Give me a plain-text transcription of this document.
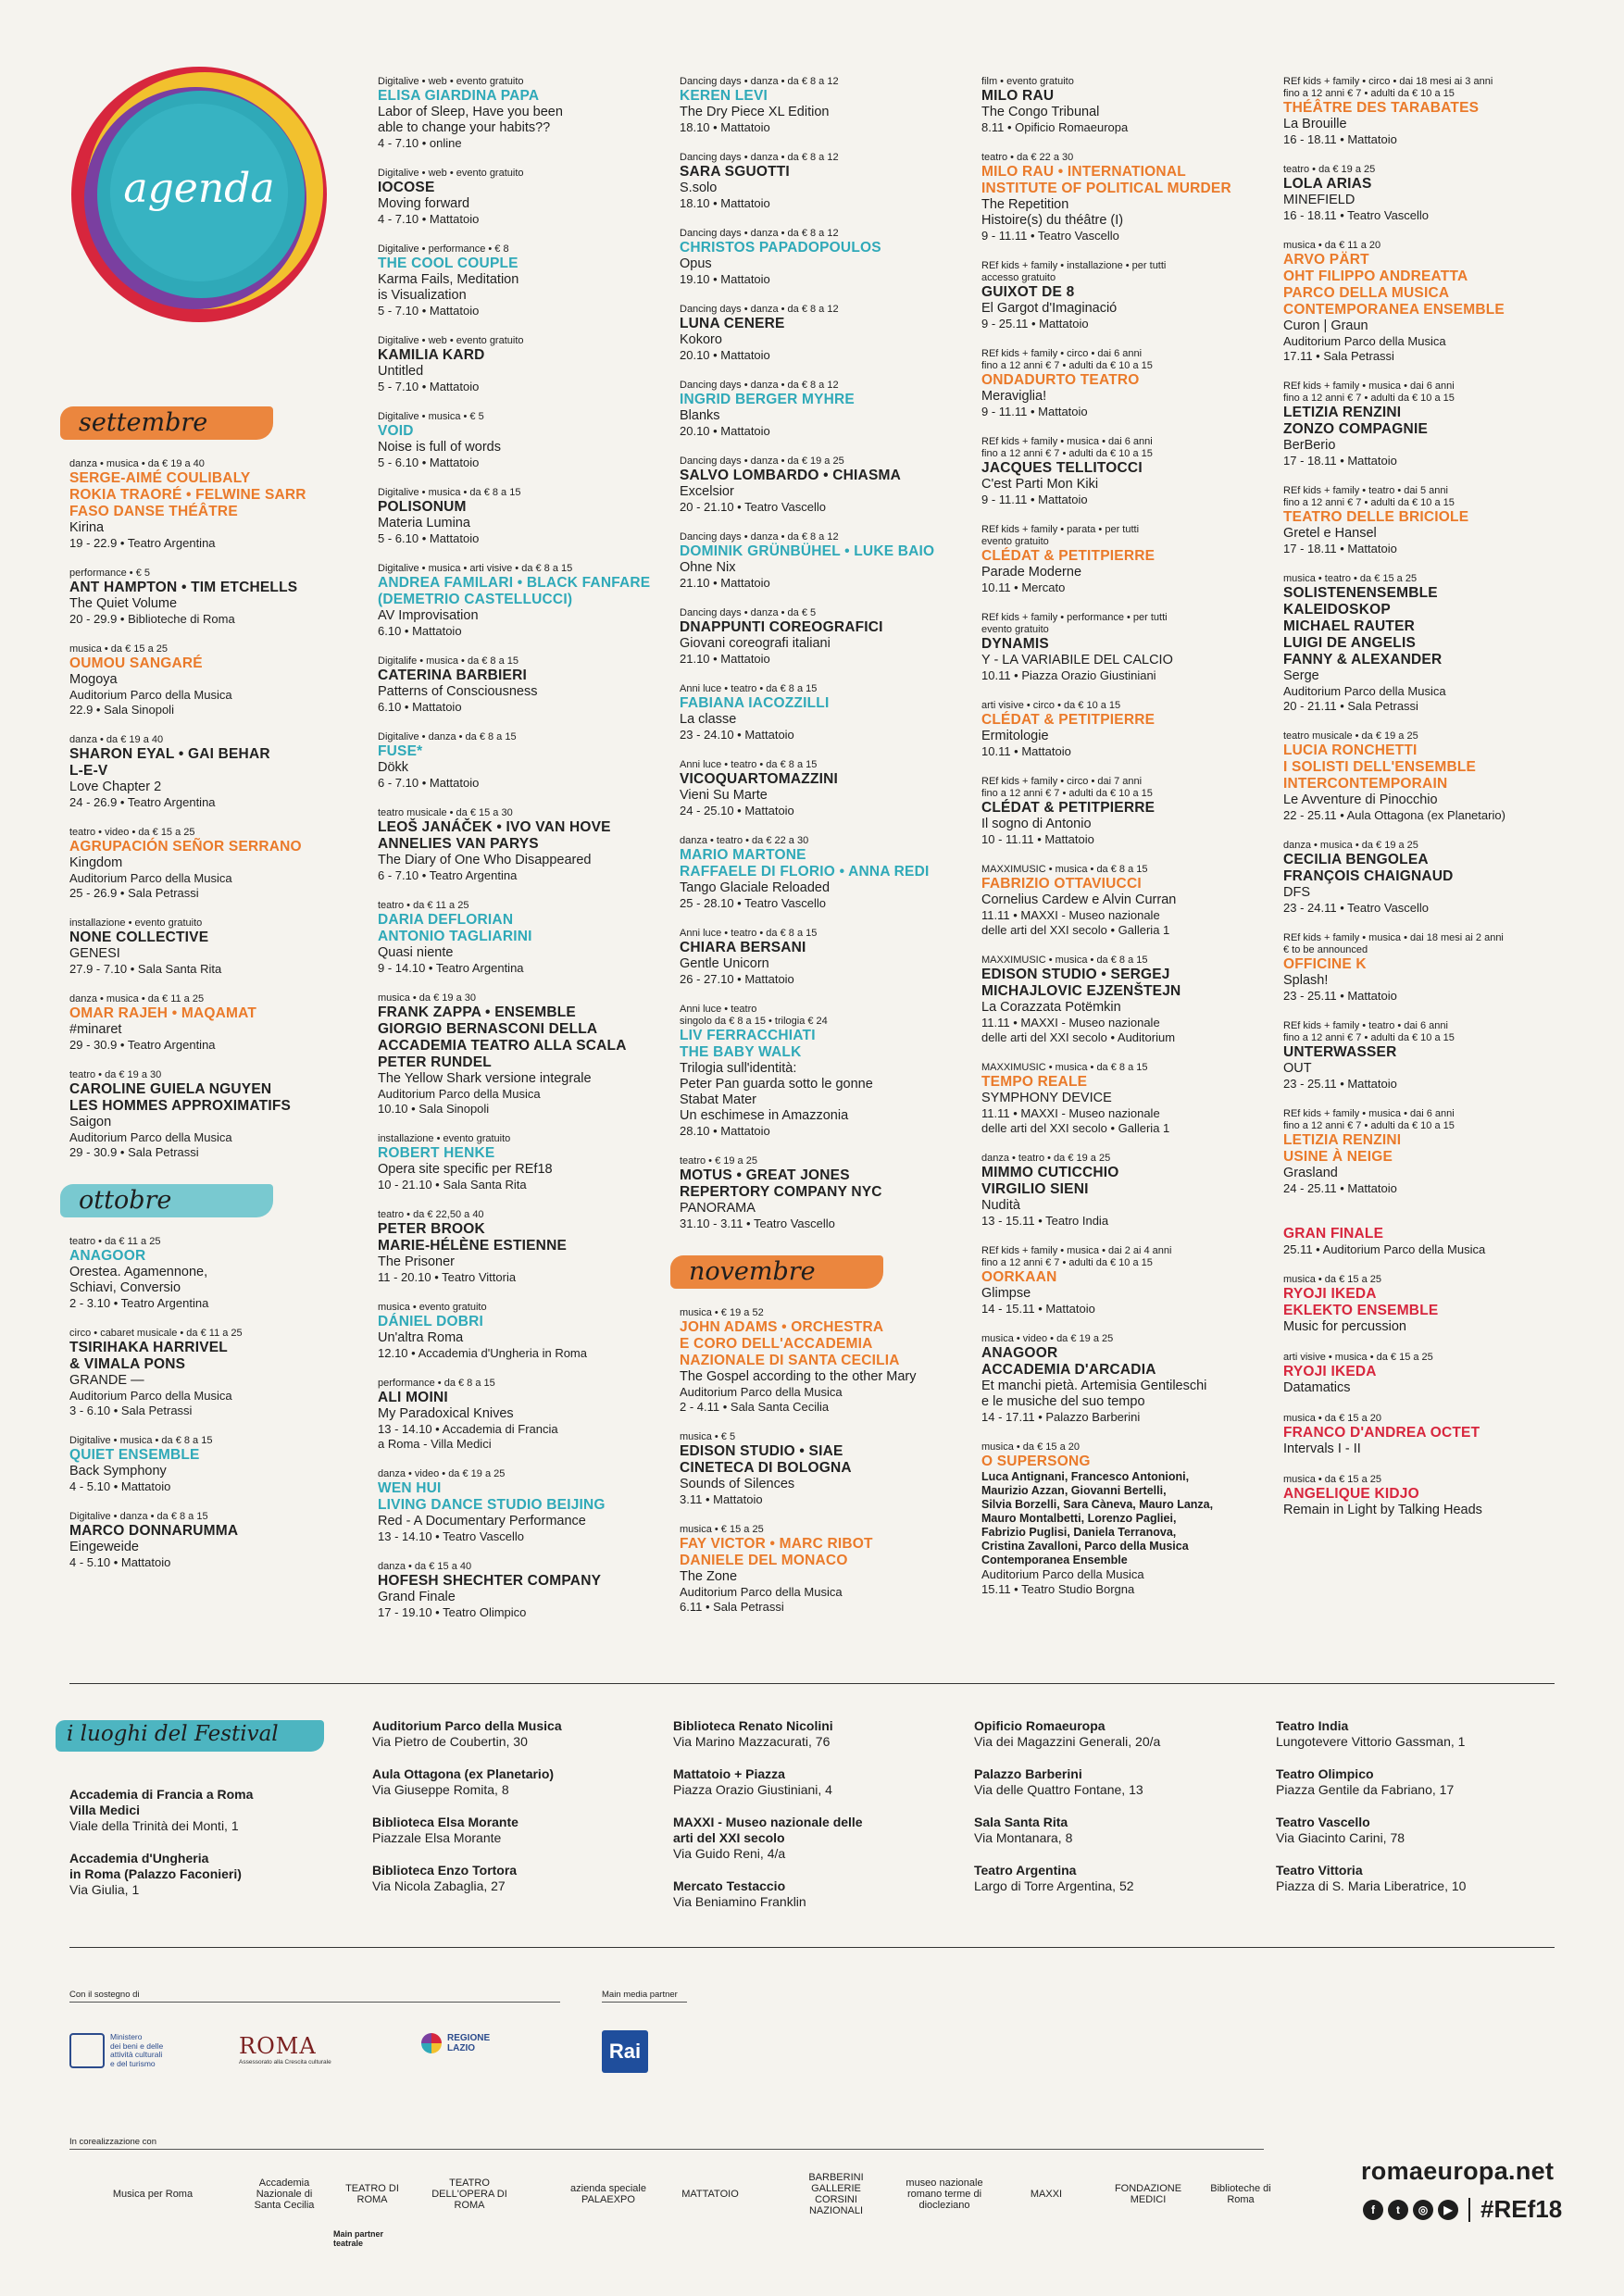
agenda
settembre
danza • musica • da € 19 a 40
SERGE-AIMÉ COULIBALY
ROKIA TRAORÉ • FELWINE SARR
FASO DANSE THÉÂTRE
Kirina
19 - 22.9 • Teatro Argentina
performance • € 5
ANT HAMPTON • TIM ETCHELLS
The Quiet Volume
20 - 29.9 • Biblioteche di Roma
musica • da € 15 a 25
OUMOU SANGARÉ
Mogoya
Auditorium Parco della Musica
22.9 • Sala Sinopoli
danza • da € 19 a 40
SHARON EYAL • GAI BEHAR
L-E-V
Love Chapter 2
24 - 26.9 • Teatro Argentina
teatro • video • da € 15 a 25
AGRUPACIÓN SEÑOR SERRANO
Kingdom
Auditorium Parco della Musica
25 - 26.9 • Sala Petrassi
installazione • evento gratuito
NONE COLLECTIVE
GENESI
27.9 - 7.10 • Sala Santa Rita
danza • musica • da € 11 a 25
OMAR RAJEH • MAQAMAT
#minaret
29 - 30.9 • Teatro Argentina
teatro • da € 19 a 30
CAROLINE GUIELA NGUYEN
LES HOMMES APPROXIMATIFS
Saigon
Auditorium Parco della Musica
29 - 30.9 • Sala Petrassi
ottobre
teatro • da € 11 a 25
ANAGOOR
Orestea. Agamennone,
Schiavi, Conversio
2 - 3.10 • Teatro Argentina
circo • cabaret musicale • da € 11 a 25
TSIRIHAKA HARRIVEL
& VIMALA PONS
GRANDE —
Auditorium Parco della Musica
3 - 6.10 • Sala Petrassi
Digitalive • musica • da € 8 a 15
QUIET ENSEMBLE
Back Symphony
4 - 5.10 • Mattatoio
Digitalive • danza • da € 8 a 15
MARCO DONNARUMMA
Eingeweide
4 - 5.10 • Mattatoio
Digitalive • web • evento gratuito
ELISA GIARDINA PAPA
Labor of Sleep, Have you been
able to change your habits??
4 - 7.10 • online
Digitalive • web • evento gratuito
IOCOSE
Moving forward
4 - 7.10 • Mattatoio
Digitalive • performance • € 8
THE COOL COUPLE
Karma Fails, Meditation
is Visualization
5 - 7.10 • Mattatoio
Digitalive • web • evento gratuito
KAMILIA KARD
Untitled
5 - 7.10 • Mattatoio
Digitalive • musica • € 5
VOID
Noise is full of words
5 - 6.10 • Mattatoio
Digitalive • musica • da € 8 a 15
POLISONUM
Materia Lumina
5 - 6.10 • Mattatoio
Digitalive • musica • arti visive • da € 8 a 15
ANDREA FAMILARI • BLACK FANFARE
(DEMETRIO CASTELLUCCI)
AV Improvisation
6.10 • Mattatoio
Digitalife • musica • da € 8 a 15
CATERINA BARBIERI
Patterns of Consciousness
6.10 • Mattatoio
Digitalive • danza • da € 8 a 15
FUSE*
Dökk
6 - 7.10 • Mattatoio
teatro musicale • da € 15 a 30
LEOŠ JANÁČEK • IVO VAN HOVE
ANNELIES VAN PARYS
The Diary of One Who Disappeared
6 - 7.10 • Teatro Argentina
teatro • da € 11 a 25
DARIA DEFLORIAN
ANTONIO TAGLIARINI
Quasi niente
9 - 14.10 • Teatro Argentina
musica • da € 19 a 30
FRANK ZAPPA • ENSEMBLE
GIORGIO BERNASCONI DELLA
ACCADEMIA TEATRO ALLA SCALA
PETER RUNDEL
The Yellow Shark versione integrale
Auditorium Parco della Musica
10.10 • Sala Sinopoli
installazione • evento gratuito
ROBERT HENKE
Opera site specific per REf18
10 - 21.10 • Sala Santa Rita
teatro • da € 22,50 a 40
PETER BROOK
MARIE-HÉLÈNE ESTIENNE
The Prisoner
11 - 20.10 • Teatro Vittoria
musica • evento gratuito
DÁNIEL DOBRI
Un'altra Roma
12.10 • Accademia d'Ungheria in Roma
performance • da € 8 a 15
ALI MOINI
My Paradoxical Knives
13 - 14.10 • Accademia di Francia
a Roma - Villa Medici
danza • video • da € 19 a 25
WEN HUI
LIVING DANCE STUDIO BEIJING
Red - A Documentary Performance
13 - 14.10 • Teatro Vascello
danza • da € 15 a 40
HOFESH SHECHTER COMPANY
Grand Finale
17 - 19.10 • Teatro Olimpico
Dancing days • danza • da € 8 a 12
KEREN LEVI
The Dry Piece XL Edition
18.10 • Mattatoio
Dancing days • danza • da € 8 a 12
SARA SGUOTTI
S.solo
18.10 • Mattatoio
Dancing days • danza • da € 8 a 12
CHRISTOS PAPADOPOULOS
Opus
19.10 • Mattatoio
Dancing days • danza • da € 8 a 12
LUNA CENERE
Kokoro
20.10 • Mattatoio
Dancing days • danza • da € 8 a 12
INGRID BERGER MYHRE
Blanks
20.10 • Mattatoio
Dancing days • danza • da € 19 a 25
SALVO LOMBARDO • CHIASMA
Excelsior
20 - 21.10 • Teatro Vascello
Dancing days • danza • da € 8 a 12
DOMINIK GRÜNBÜHEL • LUKE BAIO
Ohne Nix
21.10 • Mattatoio
Dancing days • danza • da € 5
DNAPPUNTI COREOGRAFICI
Giovani coreografi italiani
21.10 • Mattatoio
Anni luce • teatro • da € 8 a 15
FABIANA IACOZZILLI
La classe
23 - 24.10 • Mattatoio
Anni luce • teatro • da € 8 a 15
VICOQUARTOMAZZINI
Vieni Su Marte
24 - 25.10 • Mattatoio
danza • teatro • da € 22 a 30
MARIO MARTONE
RAFFAELE DI FLORIO • ANNA REDI
Tango Glaciale Reloaded
25 - 28.10 • Teatro Vascello
Anni luce • teatro • da € 8 a 15
CHIARA BERSANI
Gentle Unicorn
26 - 27.10 • Mattatoio
Anni luce • teatro
singolo da € 8 a 15 • trilogia € 24
LIV FERRACCHIATI
THE BABY WALK
Trilogia sull'identità:
Peter Pan guarda sotto le gonne
Stabat Mater
Un eschimese in Amazzonia
28.10 • Mattatoio
teatro • € 19 a 25
MOTUS • GREAT JONES
REPERTORY COMPANY NYC
PANORAMA
31.10 - 3.11 • Teatro Vascello
novembre
musica • € 19 a 52
JOHN ADAMS • ORCHESTRA
E CORO DELL'ACCADEMIA
NAZIONALE DI SANTA CECILIA
The Gospel according to the other Mary
Auditorium Parco della Musica
2 - 4.11 • Sala Santa Cecilia
musica • € 5
EDISON STUDIO • SIAE
CINETECA DI BOLOGNA
Sounds of Silences
3.11 • Mattatoio
musica • € 15 a 25
FAY VICTOR • MARC RIBOT
DANIELE DEL MONACO
The Zone
Auditorium Parco della Musica
6.11 • Sala Petrassi
film • evento gratuito
MILO RAU
The Congo Tribunal
8.11 • Opificio Romaeuropa
teatro • da € 22 a 30
MILO RAU • INTERNATIONAL
INSTITUTE OF POLITICAL MURDER
The Repetition
Histoire(s) du théâtre (I)
9 - 11.11 • Teatro Vascello
REf kids + family • installazione • per tutti
accesso gratuito
GUIXOT DE 8
El Gargot d'Imaginació
9 - 25.11 • Mattatoio
REf kids + family • circo • dai 6 anni
fino a 12 anni € 7 • adulti da € 10 a 15
ONDADURTO TEATRO
Meraviglia!
9 - 11.11 • Mattatoio
REf kids + family • musica • dai 6 anni
fino a 12 anni € 7 • adulti da € 10 a 15
JACQUES TELLITOCCI
C'est Parti Mon Kiki
9 - 11.11 • Mattatoio
REf kids + family • parata • per tutti
evento gratuito
CLÉDAT & PETITPIERRE
Parade Moderne
10.11 • Mercato
REf kids + family • performance • per tutti
evento gratuito
DYNAMIS
Y - LA VARIABILE DEL CALCIO
10.11 • Piazza Orazio Giustiniani
arti visive • circo • da € 10 a 15
CLÉDAT & PETITPIERRE
Ermitologie
10.11 • Mattatoio
REf kids + family • circo • dai 7 anni
fino a 12 anni € 7 • adulti da € 10 a 15
CLÉDAT & PETITPIERRE
Il sogno di Antonio
10 - 11.11 • Mattatoio
MAXXIMUSIC • musica • da € 8 a 15
FABRIZIO OTTAVIUCCI
Cornelius Cardew e Alvin Curran
11.11 • MAXXI - Museo nazionale
delle arti del XXI secolo • Galleria 1
MAXXIMUSIC • musica • da € 8 a 15
EDISON STUDIO • SERGEJ
MICHAJLOVIC EJZENŠTEJN
La Corazzata Potëmkin
11.11 • MAXXI - Museo nazionale
delle arti del XXI secolo • Auditorium
MAXXIMUSIC • musica • da € 8 a 15
TEMPO REALE
SYMPHONY DEVICE
11.11 • MAXXI - Museo nazionale
delle arti del XXI secolo • Galleria 1
danza • teatro • da € 19 a 25
MIMMO CUTICCHIO
VIRGILIO SIENI
Nudità
13 - 15.11 • Teatro India
REf kids + family • musica • dai 2 ai 4 anni
fino a 12 anni € 7 • adulti da € 10 a 15
OORKAAN
Glimpse
14 - 15.11 • Mattatoio
musica • video • da € 19 a 25
ANAGOOR
ACCADEMIA D'ARCADIA
Et manchi pietà. Artemisia Gentileschi
e le musiche del suo tempo
14 - 17.11 • Palazzo Barberini
musica • da € 15 a 20
O SUPERSONG
Luca Antignani, Francesco Antonioni,
Maurizio Azzan, Giovanni Bertelli,
Silvia Borzelli, Sara Càneva, Mauro Lanza,
Mauro Montalbetti, Lorenzo Pagliei,
Fabrizio Puglisi, Daniela Terranova,
Cristina Zavalloni, Parco della Musica
Contemporanea Ensemble
Auditorium Parco della Musica
15.11 • Teatro Studio Borgna
REf kids + family • circo • dai 18 mesi ai 3 anni
fino a 12 anni € 7 • adulti da € 10 a 15
THÉÂTRE DES TARABATES
La Brouille
16 - 18.11 • Mattatoio
teatro • da € 19 a 25
LOLA ARIAS
MINEFIELD
16 - 18.11 • Teatro Vascello
musica • da € 11 a 20
ARVO PÄRT
OHT FILIPPO ANDREATTA
PARCO DELLA MUSICA
CONTEMPORANEA ENSEMBLE
Curon | Graun
Auditorium Parco della Musica
17.11 • Sala Petrassi
REf kids + family • musica • dai 6 anni
fino a 12 anni € 7 • adulti da € 10 a 15
LETIZIA RENZINI
ZONZO COMPAGNIE
BerBerio
17 - 18.11 • Mattatoio
REf kids + family • teatro • dai 5 anni
fino a 12 anni € 7 • adulti da € 10 a 15
TEATRO DELLE BRICIOLE
Gretel e Hansel
17 - 18.11 • Mattatoio
musica • teatro • da € 15 a 25
SOLISTENENSEMBLE
KALEIDOSKOP
MICHAEL RAUTER
LUIGI DE ANGELIS
FANNY & ALEXANDER
Serge
Auditorium Parco della Musica
20 - 21.11 • Sala Petrassi
teatro musicale • da € 19 a 25
LUCIA RONCHETTI
I SOLISTI DELL'ENSEMBLE
INTERCONTEMPORAIN
Le Avventure di Pinocchio
22 - 25.11 • Aula Ottagona (ex Planetario)
danza • musica • da € 19 a 25
CECILIA BENGOLEA
FRANÇOIS CHAIGNAUD
DFS
23 - 24.11 • Teatro Vascello
REf kids + family • musica • dai 18 mesi ai 2 anni
€ to be announced
OFFICINE K
Splash!
23 - 25.11 • Mattatoio
REf kids + family • teatro • dai 6 anni
fino a 12 anni € 7 • adulti da € 10 a 15
UNTERWASSER
OUT
23 - 25.11 • Mattatoio
REf kids + family • musica • dai 6 anni
fino a 12 anni € 7 • adulti da € 10 a 15
LETIZIA RENZINI
USINE À NEIGE
Grasland
24 - 25.11 • Mattatoio
GRAN FINALE
25.11 • Auditorium Parco della Musica
musica • da € 15 a 25
RYOJI IKEDA
EKLEKTO ENSEMBLE
Music for percussion
arti visive • musica • da € 15 a 25
RYOJI IKEDA
Datamatics
musica • da € 15 a 20
FRANCO D'ANDREA OCTET
Intervals I - II
musica • da € 15 a 25
ANGELIQUE KIDJO
Remain in Light by Talking Heads
i luoghi del Festival
Accademia di Francia a Roma
Villa Medici
Viale della Trinità dei Monti, 1
Accademia d'Ungheria
in Roma (Palazzo Faconieri)
Via Giulia, 1
Auditorium Parco della Musica
Via Pietro de Coubertin, 30
Aula Ottagona (ex Planetario)
Via Giuseppe Romita, 8
Biblioteca Elsa Morante
Piazzale Elsa Morante
Biblioteca Enzo Tortora
Via Nicola Zabaglia, 27
Biblioteca Renato Nicolini
Via Marino Mazzacurati, 76
Mattatoio + Piazza
Piazza Orazio Giustiniani, 4
MAXXI - Museo nazionale delle
arti del XXI secolo
Via Guido Reni, 4/a
Mercato Testaccio
Via Beniamino Franklin
Opificio Romaeuropa
Via dei Magazzini Generali, 20/a
Palazzo Barberini
Via delle Quattro Fontane, 13
Sala Santa Rita
Via Montanara, 8
Teatro Argentina
Largo di Torre Argentina, 52
Teatro India
Lungotevere Vittorio Gassman, 1
Teatro Olimpico
Piazza Gentile da Fabriano, 17
Teatro Vascello
Via Giacinto Carini, 78
Teatro Vittoria
Piazza di S. Maria Liberatrice, 10
Con il sostegno di	Main media partner
Ministero
dei beni e delle
attività culturali
e del turismo
ROMA
Assessorato alla Crescita culturale
REGIONE
LAZIO	Rai
In corealizzazione con
Musica per Roma
Accademia Nazionale di Santa Cecilia
TEATRO DI ROMA
TEATRO DELL'OPERA DI ROMA
azienda speciale PALAEXPO	MATTATOIO
BARBERINI GALLERIE CORSINI NAZIONALI
museo nazionale romano terme di diocleziano
MAXXI	FONDAZIONE MEDICI
Biblioteche di Roma
Main partner
teatrale
romaeuropa.net
f	t	◎	▶ #REf18
